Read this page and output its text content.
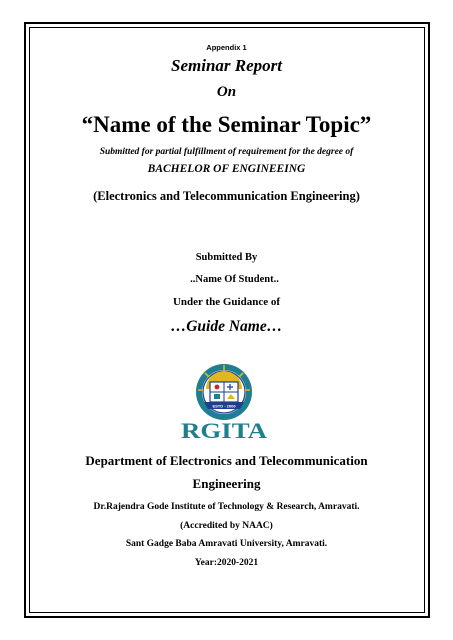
Appendix 1
Seminar Report
On
“Name of the Seminar Topic”
Submitted for partial fulfillment of requirement for the degree of
BACHELOR OF ENGINEEING
(Electronics and Telecommunication Engineering)
Submitted By
..Name Of Student..
Under the Guidance of
…Guide Name…
ESTD - 2000
RGITA
Department of Electronics and Telecommunication
Engineering
Dr.Rajendra Gode Institute of Technology & Research, Amravati.
(Accredited by NAAC)
Sant Gadge Baba Amravati University, Amravati.
Year:2020-2021
